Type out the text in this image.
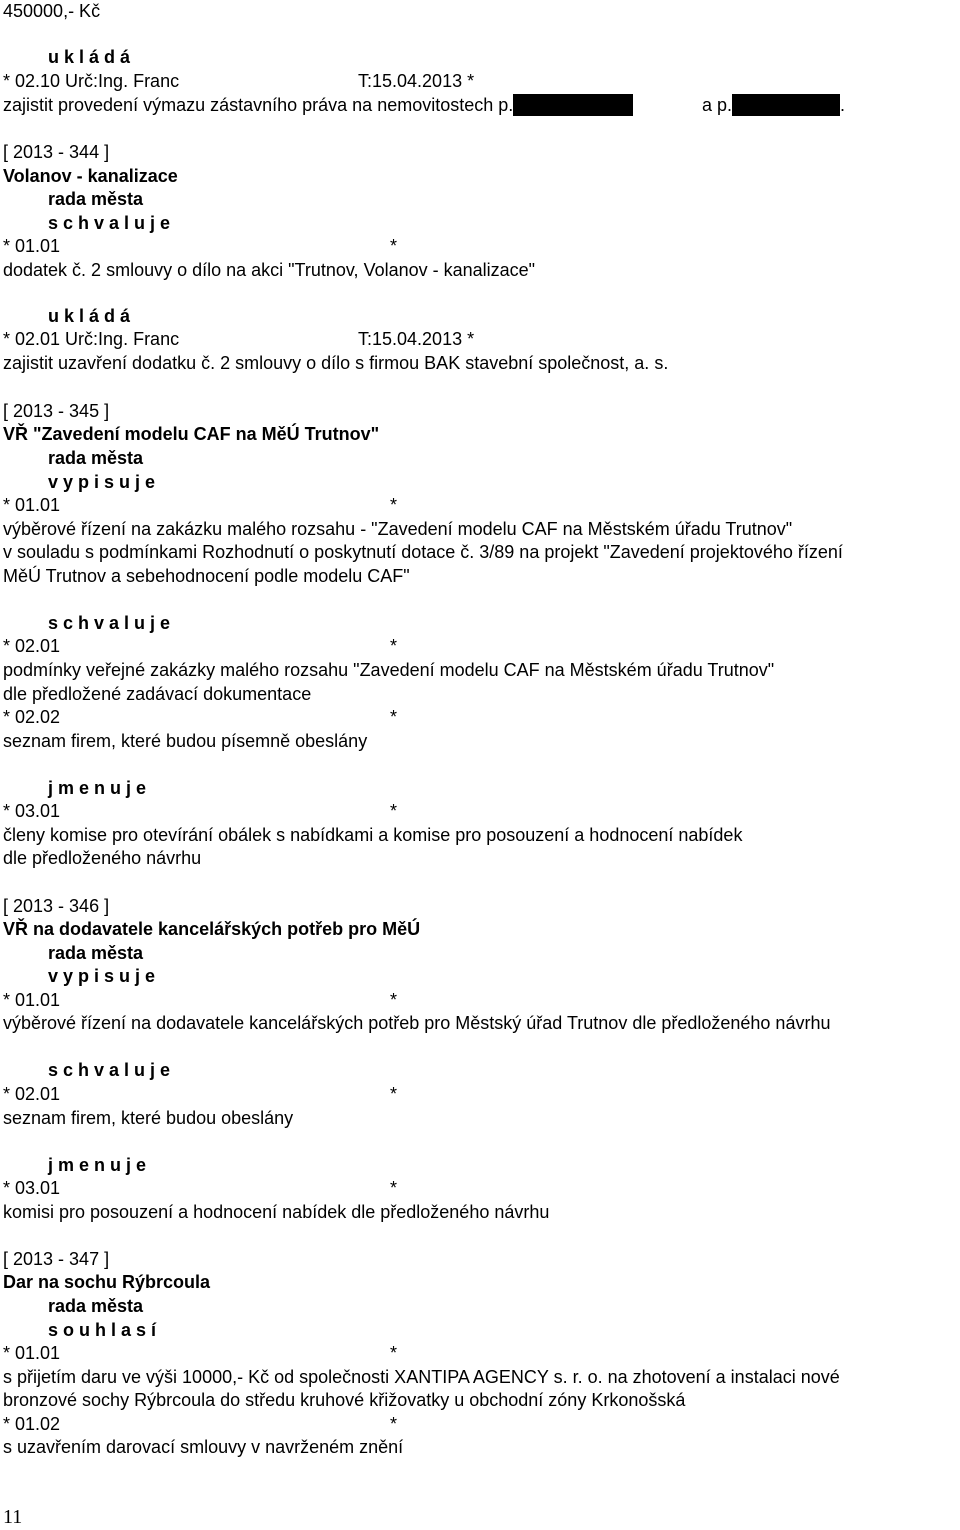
450000,- Kč
u k l á d á
* 02.10 Urč:Ing. Franc	T:15.04.2013 *
zajistit provedení výmazu zástavního práva na nemovitostech p.	a p.	.
[ 2013 - 344 ]
Volanov - kanalizace
rada města
s c h v a l u j e
* 01.01	*
dodatek č. 2 smlouvy o dílo na akci "Trutnov, Volanov - kanalizace"
u k l á d á
* 02.01 Urč:Ing. Franc	T:15.04.2013 *
zajistit uzavření dodatku č. 2 smlouvy o dílo s firmou BAK stavební společnost, a. s.
[ 2013 - 345 ]
VŘ "Zavedení modelu CAF na MěÚ Trutnov"
rada města
v y p i s u j e
* 01.01	*
výběrové řízení na zakázku malého rozsahu - "Zavedení modelu CAF na Městském úřadu Trutnov"
v souladu s podmínkami Rozhodnutí o poskytnutí dotace č. 3/89 na projekt "Zavedení projektového řízení
MěÚ Trutnov a sebehodnocení podle modelu CAF"
s c h v a l u j e
* 02.01	*
podmínky veřejné zakázky malého rozsahu "Zavedení modelu CAF na Městském úřadu Trutnov"
dle předložené zadávací dokumentace
* 02.02	*
seznam firem, které budou písemně obeslány
j m e n u j e
* 03.01	*
členy komise pro otevírání obálek s nabídkami a komise pro posouzení a hodnocení nabídek
dle předloženého návrhu
[ 2013 - 346 ]
VŘ na dodavatele kancelářských potřeb pro MěÚ
rada města
v y p i s u j e
* 01.01	*
výběrové řízení na dodavatele kancelářských potřeb pro Městský úřad Trutnov dle předloženého návrhu
s c h v a l u j e
* 02.01	*
seznam firem, které budou obeslány
j m e n u j e
* 03.01	*
komisi pro posouzení a hodnocení nabídek dle předloženého návrhu
[ 2013 - 347 ]
Dar na sochu Rýbrcoula
rada města
s o u h l a s í
* 01.01	*
s přijetím daru ve výši 10000,- Kč od společnosti XANTIPA AGENCY s. r. o. na zhotovení a instalaci nové
bronzové sochy Rýbrcoula do středu kruhové křižovatky u obchodní zóny Krkonošská
* 01.02	*
s uzavřením darovací smlouvy v navrženém znění
11
